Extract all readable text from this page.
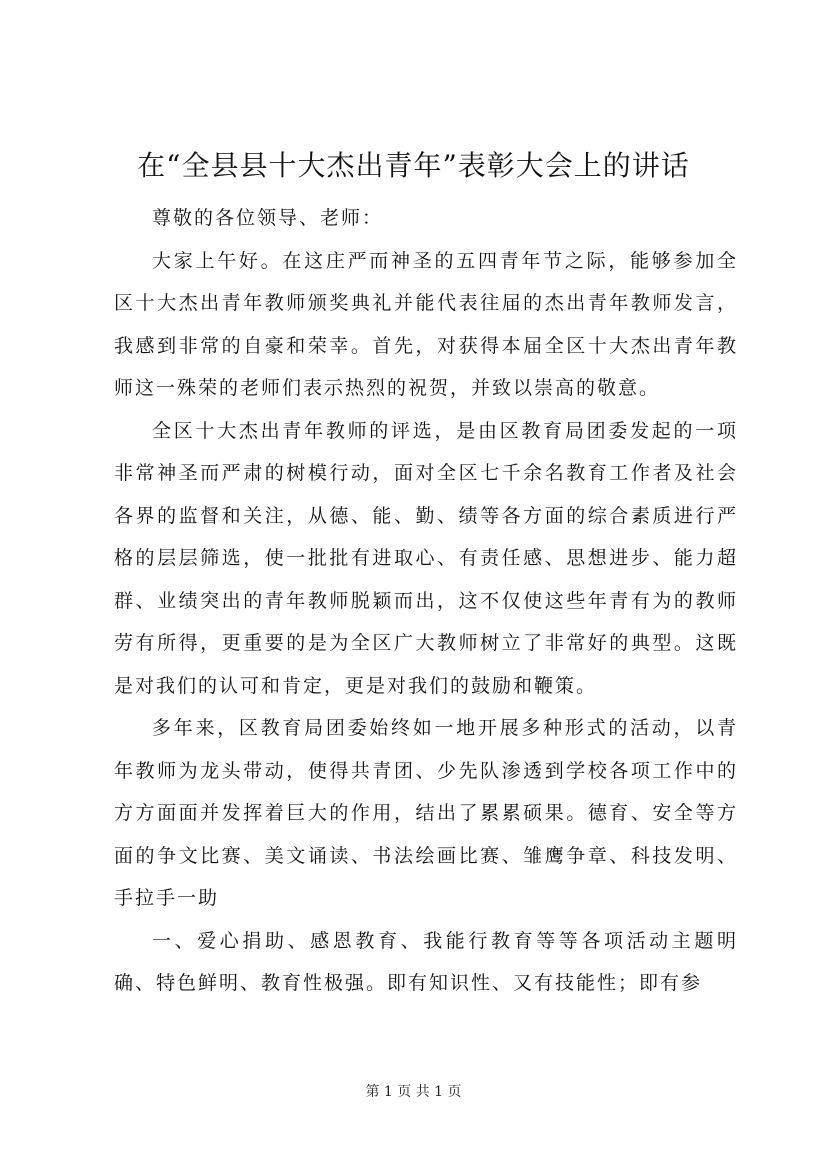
在“全县县十大杰出青年”表彰大会上的讲话

尊敬的各位领导、老师：

大家上午好。在这庄严而神圣的五四青年节之际，能够参加全区十大杰出青年教师颁奖典礼并能代表往届的杰出青年教师发言，我感到非常的自豪和荣幸。首先，对获得本届全区十大杰出青年教师这一殊荣的老师们表示热烈的祝贺，并致以崇高的敬意。

全区十大杰出青年教师的评选，是由区教育局团委发起的一项非常神圣而严肃的树模行动，面对全区七千余名教育工作者及社会各界的监督和关注，从德、能、勤、绩等各方面的综合素质进行严格的层层筛选，使一批批有进取心、有责任感、思想进步、能力超群、业绩突出的青年教师脱颖而出，这不仅使这些年青有为的教师劳有所得，更重要的是为全区广大教师树立了非常好的典型。这既是对我们的认可和肯定，更是对我们的鼓励和鞭策。

多年来，区教育局团委始终如一地开展多种形式的活动，以青年教师为龙头带动，使得共青团、少先队渗透到学校各项工作中的方方面面并发挥着巨大的作用，结出了累累硕果。德育、安全等方面的争文比赛、美文诵读、书法绘画比赛、雏鹰争章、科技发明、手拉手一助

一、爱心捐助、感恩教育、我能行教育等等各项活动主题明确、特色鲜明、教育性极强。即有知识性、又有技能性；即有参

第 1 页 共 1 页
